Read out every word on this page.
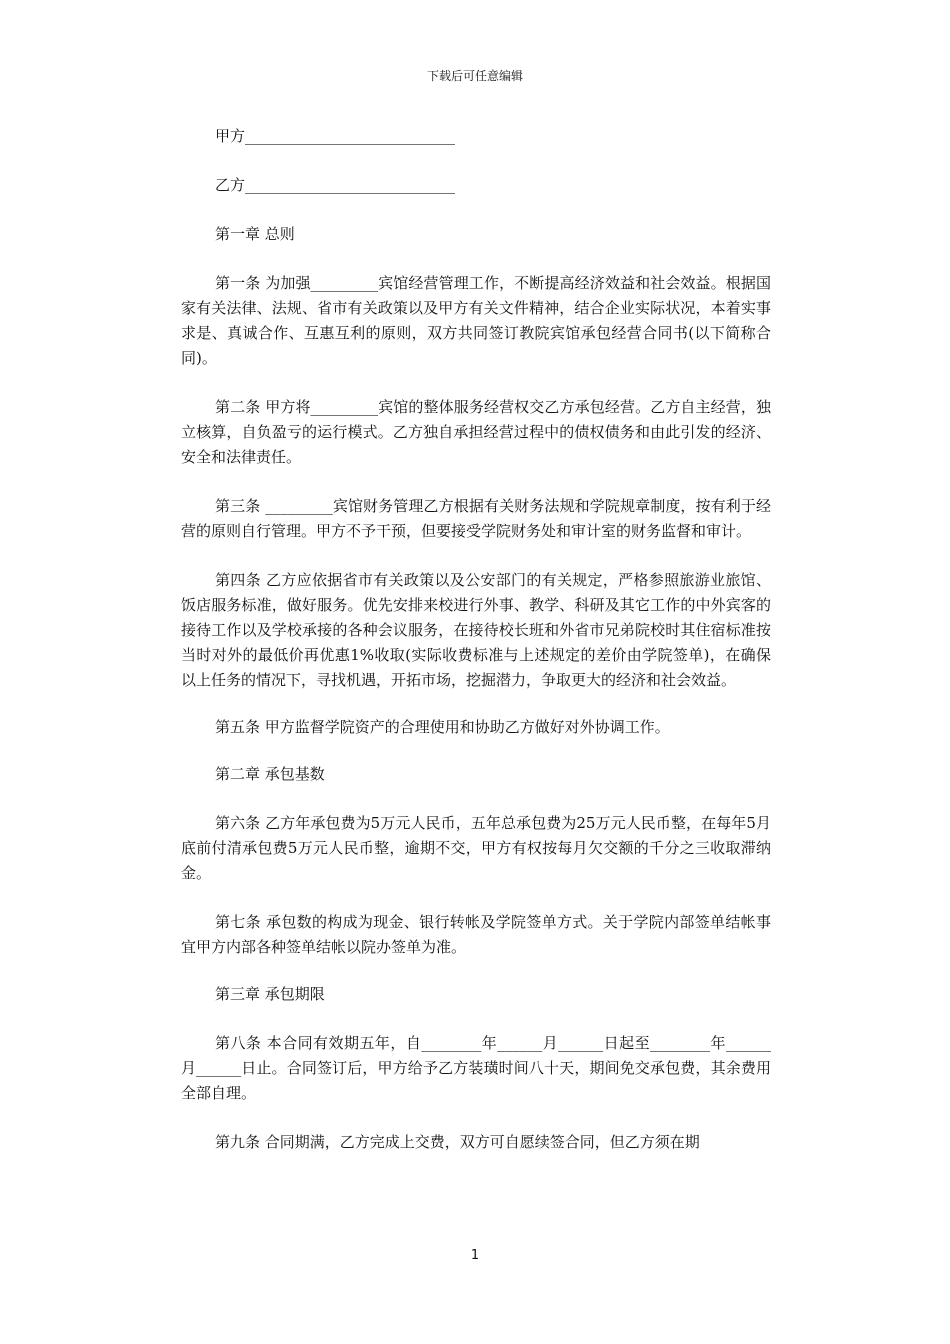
下载后可任意编辑

甲方____________________________

乙方____________________________

第一章 总则

第一条 为加强_________宾馆经营管理工作，不断提高经济效益和社会效益。根据国家有关法律、法规、省市有关政策以及甲方有关文件精神，结合企业实际状况，本着实事求是、真诚合作、互惠互利的原则，双方共同签订教院宾馆承包经营合同书(以下简称合同)。

第二条 甲方将_________宾馆的整体服务经营权交乙方承包经营。乙方自主经营，独立核算，自负盈亏的运行模式。乙方独自承担经营过程中的债权债务和由此引发的经济、安全和法律责任。

第三条 _________宾馆财务管理乙方根据有关财务法规和学院规章制度，按有利于经营的原则自行管理。甲方不予干预，但要接受学院财务处和审计室的财务监督和审计。

第四条 乙方应依据省市有关政策以及公安部门的有关规定，严格参照旅游业旅馆、饭店服务标准，做好服务。优先安排来校进行外事、教学、科研及其它工作的中外宾客的接待工作以及学校承接的各种会议服务，在接待校长班和外省市兄弟院校时其住宿标准按当时对外的最低价再优惠1%收取(实际收费标准与上述规定的差价由学院签单)，在确保以上任务的情况下，寻找机遇，开拓市场，挖掘潜力，争取更大的经济和社会效益。

第五条 甲方监督学院资产的合理使用和协助乙方做好对外协调工作。

第二章 承包基数

第六条 乙方年承包费为5万元人民币，五年总承包费为25万元人民币整，在每年5月底前付清承包费5万元人民币整，逾期不交，甲方有权按每月欠交额的千分之三收取滞纳金。

第七条 承包数的构成为现金、银行转帐及学院签单方式。关于学院内部签单结帐事宜甲方内部各种签单结帐以院办签单为准。

第三章 承包期限

第八条 本合同有效期五年，自________年______月______日起至________年______月______日止。合同签订后，甲方给予乙方装璜时间八十天，期间免交承包费，其余费用全部自理。

第九条 合同期满，乙方完成上交费，双方可自愿续签合同，但乙方须在期

1
